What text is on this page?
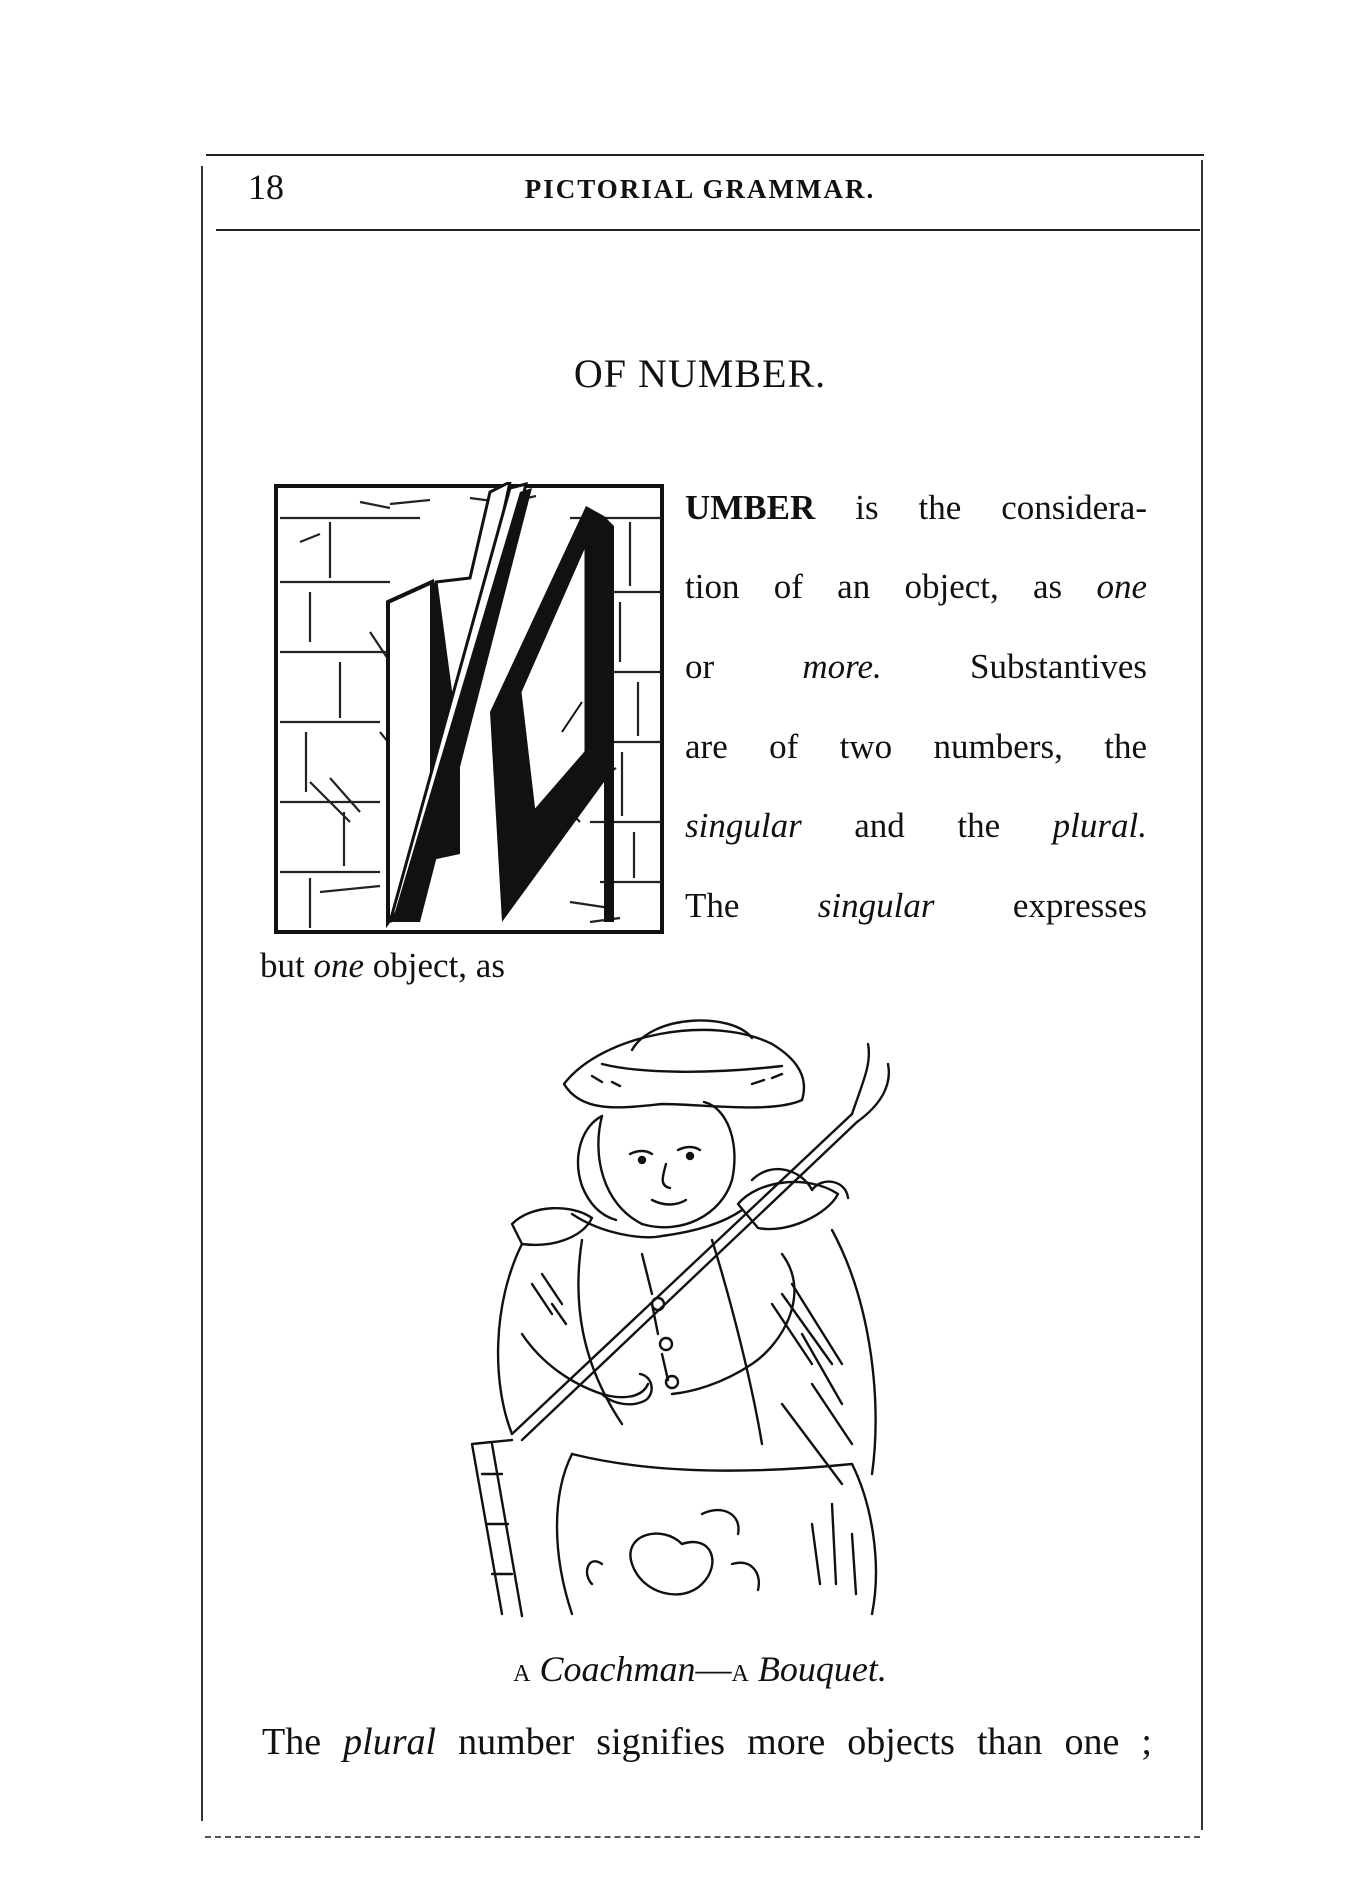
18	PICTORIAL GRAMMAR.
OF NUMBER.
UMBER is the considera-
tion of an object, as one
or more. Substantives
are of two numbers, the
singular and the plural.
The singular expresses
but one object, as
A Coachman—A Bouquet.
The plural number signifies more objects than one ;
